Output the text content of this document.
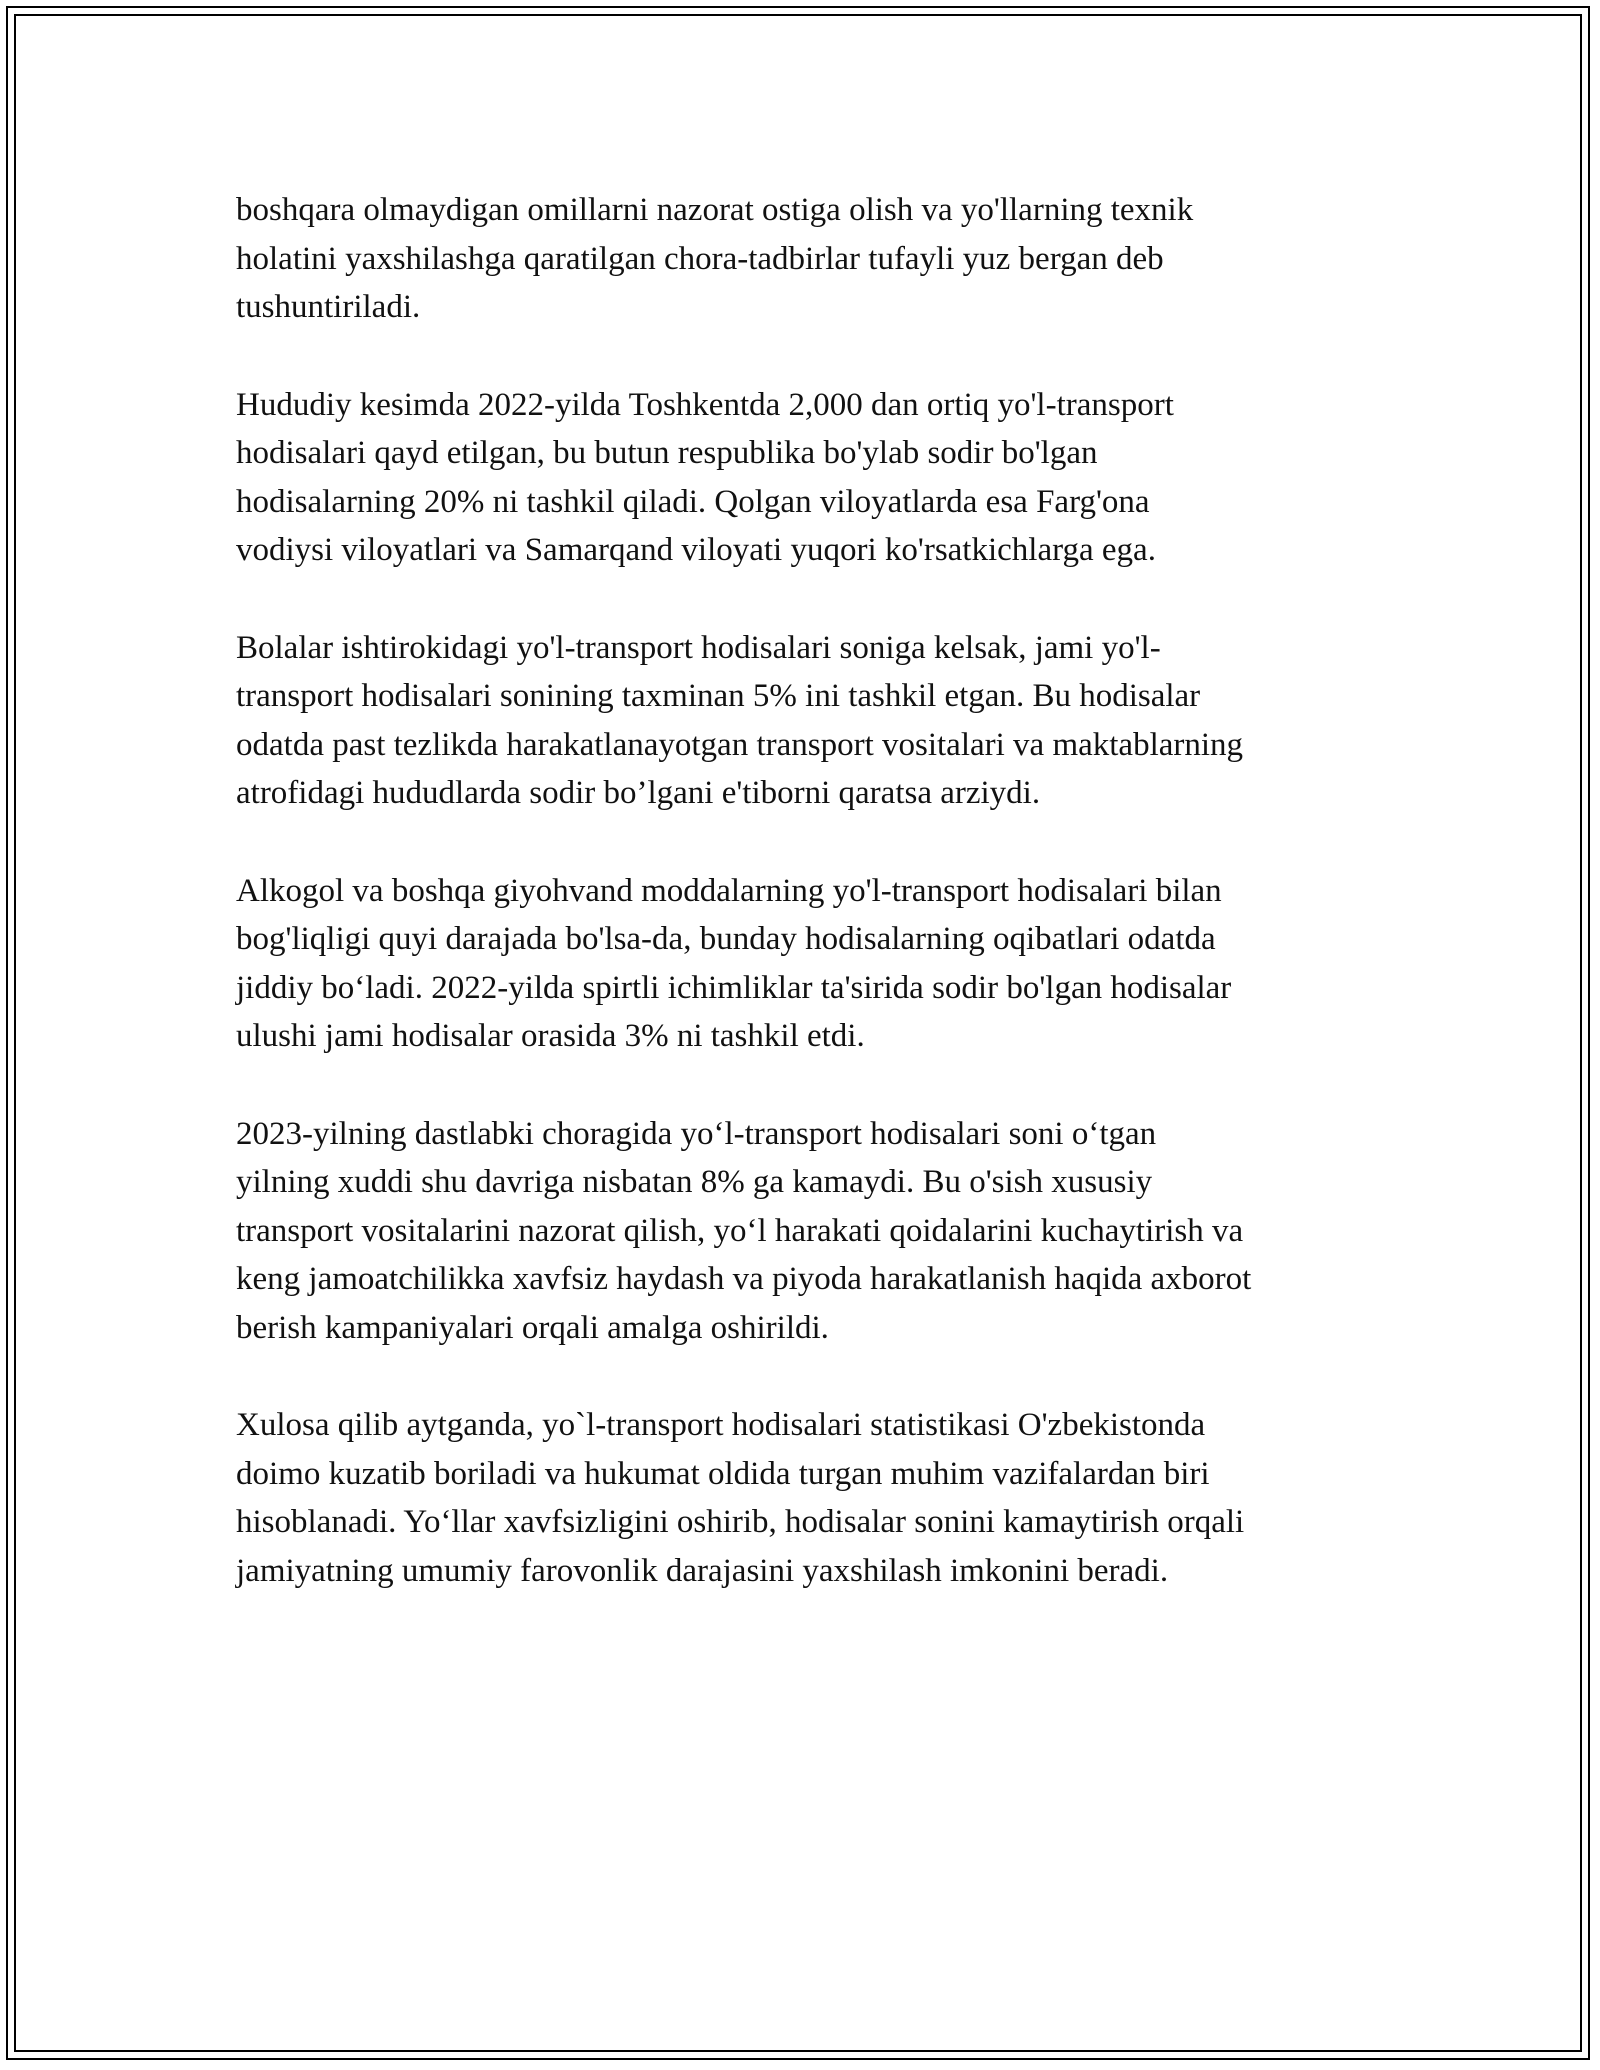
boshqara olmaydigan omillarni nazorat ostiga olish va yo'llarning texnik
holatini yaxshilashga qaratilgan chora-tadbirlar tufayli yuz bergan deb
tushuntiriladi.

Hududiy kesimda 2022-yilda Toshkentda 2,000 dan ortiq yo'l-transport
hodisalari qayd etilgan, bu butun respublika bo'ylab sodir bo'lgan
hodisalarning 20% ni tashkil qiladi. Qolgan viloyatlarda esa Farg'ona
vodiysi viloyatlari va Samarqand viloyati yuqori ko'rsatkichlarga ega.

Bolalar ishtirokidagi yo'l-transport hodisalari soniga kelsak, jami yo'l-
transport hodisalari sonining taxminan 5% ini tashkil etgan. Bu hodisalar
odatda past tezlikda harakatlanayotgan transport vositalari va maktablarning
atrofidagi hududlarda sodir bo’lgani e'tiborni qaratsa arziydi.

Alkogol va boshqa giyohvand moddalarning yo'l-transport hodisalari bilan
bog'liqligi quyi darajada bo'lsa-da, bunday hodisalarning oqibatlari odatda
jiddiy bo‘ladi. 2022-yilda spirtli ichimliklar ta'sirida sodir bo'lgan hodisalar
ulushi jami hodisalar orasida 3% ni tashkil etdi.

2023-yilning dastlabki choragida yo‘l-transport hodisalari soni o‘tgan
yilning xuddi shu davriga nisbatan 8% ga kamaydi. Bu o'sish xususiy
transport vositalarini nazorat qilish, yo‘l harakati qoidalarini kuchaytirish va
keng jamoatchilikka xavfsiz haydash va piyoda harakatlanish haqida axborot
berish kampaniyalari orqali amalga oshirildi.

Xulosa qilib aytganda, yo`l-transport hodisalari statistikasi O'zbekistonda
doimo kuzatib boriladi va hukumat oldida turgan muhim vazifalardan biri
hisoblanadi. Yo‘llar xavfsizligini oshirib, hodisalar sonini kamaytirish orqali
jamiyatning umumiy farovonlik darajasini yaxshilash imkonini beradi.
